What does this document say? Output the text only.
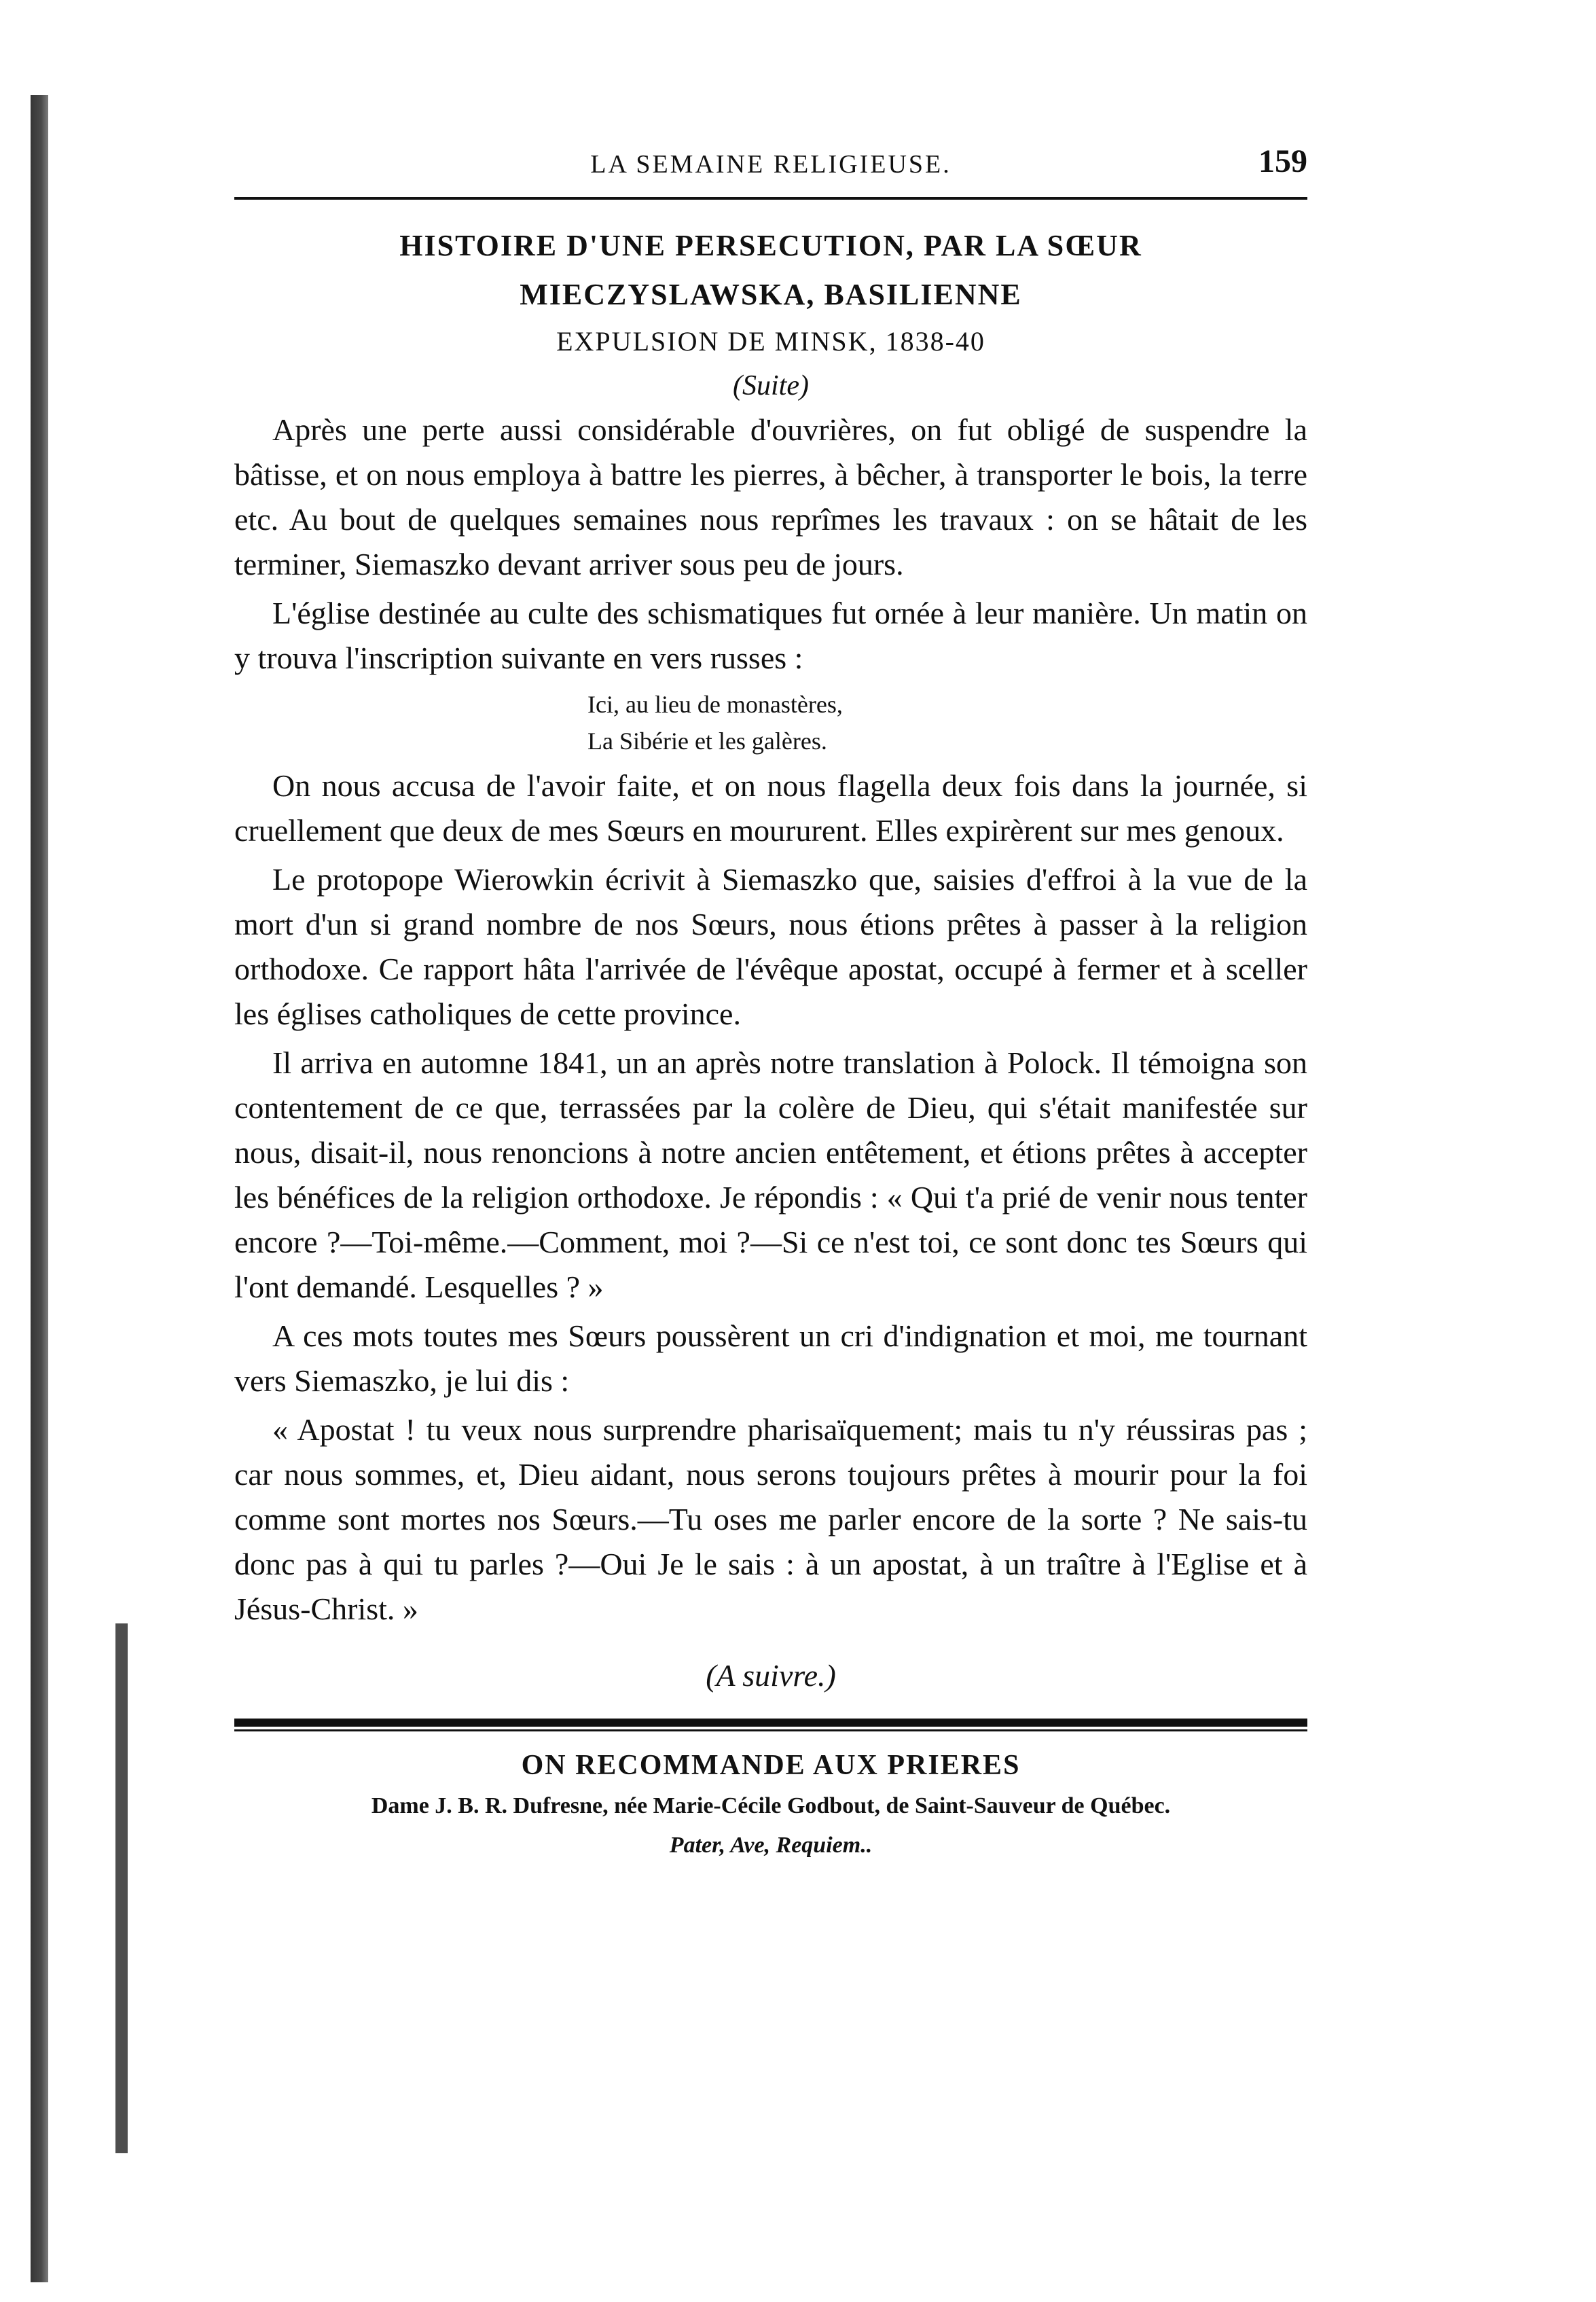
LA SEMAINE RELIGIEUSE.	159
HISTOIRE D'UNE PERSECUTION, PAR LA SŒUR
MIECZYSLAWSKA, BASILIENNE
EXPULSION DE MINSK, 1838-40
(Suite)

Après une perte aussi considérable d'ouvrières, on fut obligé de suspendre la bâtisse, et on nous employa à battre les pierres, à bêcher, à transporter le bois, la terre etc. Au bout de quelques semaines nous reprîmes les travaux : on se hâtait de les terminer, Siemaszko devant arriver sous peu de jours.

L'église destinée au culte des schismatiques fut ornée à leur manière. Un matin on y trouva l'inscription suivante en vers russes :

Ici, au lieu de monastères,
La Sibérie et les galères.

On nous accusa de l'avoir faite, et on nous flagella deux fois dans la journée, si cruellement que deux de mes Sœurs en moururent. Elles expirèrent sur mes genoux.

Le protopope Wierowkin écrivit à Siemaszko que, saisies d'effroi à la vue de la mort d'un si grand nombre de nos Sœurs, nous étions prêtes à passer à la religion orthodoxe. Ce rapport hâta l'arrivée de l'évêque apostat, occupé à fermer et à sceller les églises catholiques de cette province.

Il arriva en automne 1841, un an après notre translation à Polock. Il témoigna son contentement de ce que, terrassées par la colère de Dieu, qui s'était manifestée sur nous, disait-il, nous renoncions à notre ancien entêtement, et étions prêtes à accepter les bénéfices de la religion orthodoxe. Je répondis : « Qui t'a prié de venir nous tenter encore ?—Toi-même.—Comment, moi ?—Si ce n'est toi, ce sont donc tes Sœurs qui l'ont demandé. Lesquelles ? »

A ces mots toutes mes Sœurs poussèrent un cri d'indignation et moi, me tournant vers Siemaszko, je lui dis :

« Apostat ! tu veux nous surprendre pharisaïquement; mais tu n'y réussiras pas ; car nous sommes, et, Dieu aidant, nous serons toujours prêtes à mourir pour la foi comme sont mortes nos Sœurs.—Tu oses me parler encore de la sorte ? Ne sais-tu donc pas à qui tu parles ?—Oui Je le sais : à un apostat, à un traître à l'Eglise et à Jésus-Christ. »

(A suivre.)
ON RECOMMANDE AUX PRIERES
Dame J. B. R. Dufresne, née Marie-Cécile Godbout, de Saint-Sauveur de Québec.
Pater, Ave, Requiem..
